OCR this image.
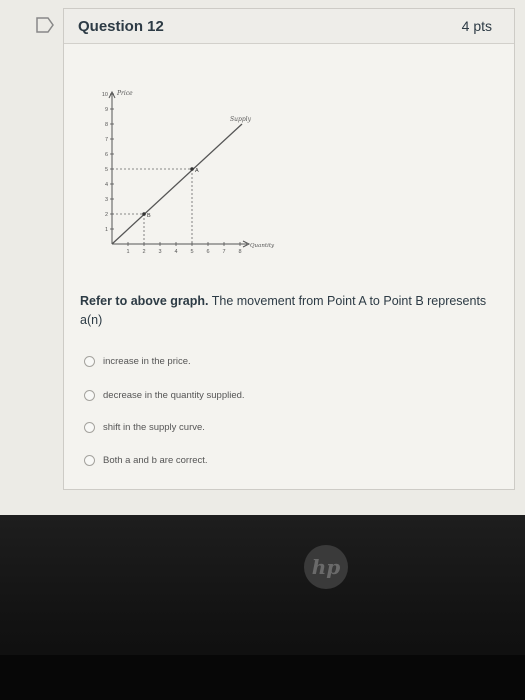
Question 12	4 pts
Price
Quantity
1
2
3
4
5
6
7
8
9
10
1 2 3 4 5 6 7 8
Supply
A
B
Refer to above graph. The movement from Point A to Point B represents a(n)
increase in the price.
decrease in the quantity supplied.
shift in the supply curve.
Both a and b are correct.
hp
